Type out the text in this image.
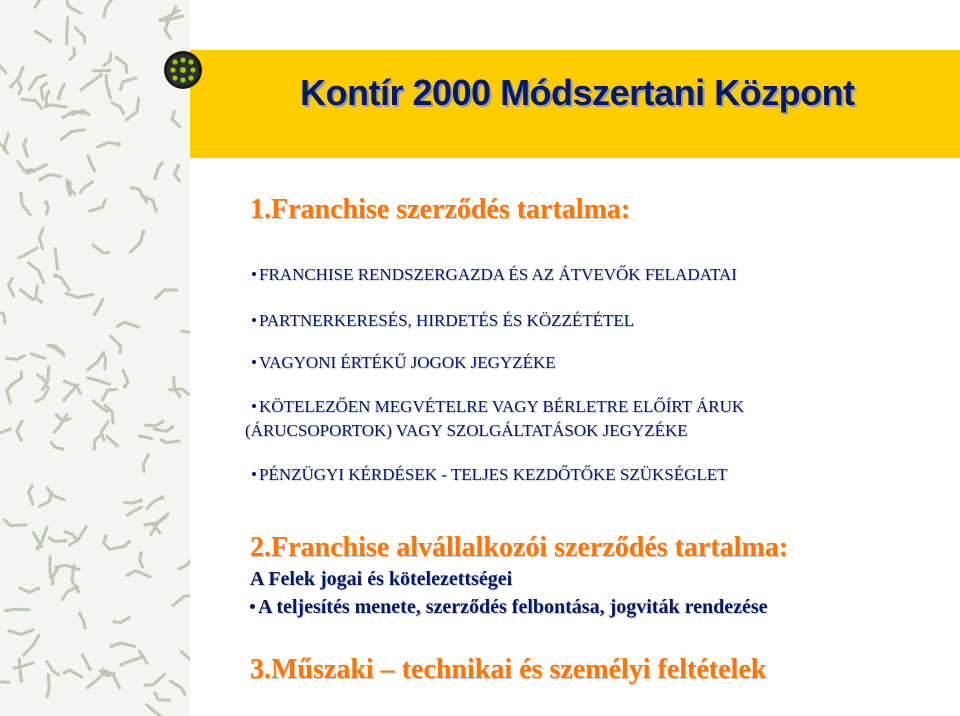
Kontír 2000 Módszertani Központ
1.Franchise szerződés tartalma:
FRANCHISE RENDSZERGAZDA ÉS AZ ÁTVEVŐK FELADATAI
PARTNERKERESÉS, HIRDETÉS ÉS KÖZZÉTÉTEL
VAGYONI ÉRTÉKŰ JOGOK JEGYZÉKE
KÖTELEZŐEN MEGVÉTELRE VAGY BÉRLETRE ELŐÍRT ÁRUK
(ÁRUCSOPORTOK) VAGY SZOLGÁLTATÁSOK JEGYZÉKE
PÉNZÜGYI KÉRDÉSEK - TELJES KEZDŐTŐKE SZÜKSÉGLET
2.Franchise alvállalkozói szerződés tartalma:
A Felek jogai és kötelezettségei
A teljesítés menete, szerződés felbontása, jogviták rendezése
3.Műszaki – technikai és személyi feltételek
